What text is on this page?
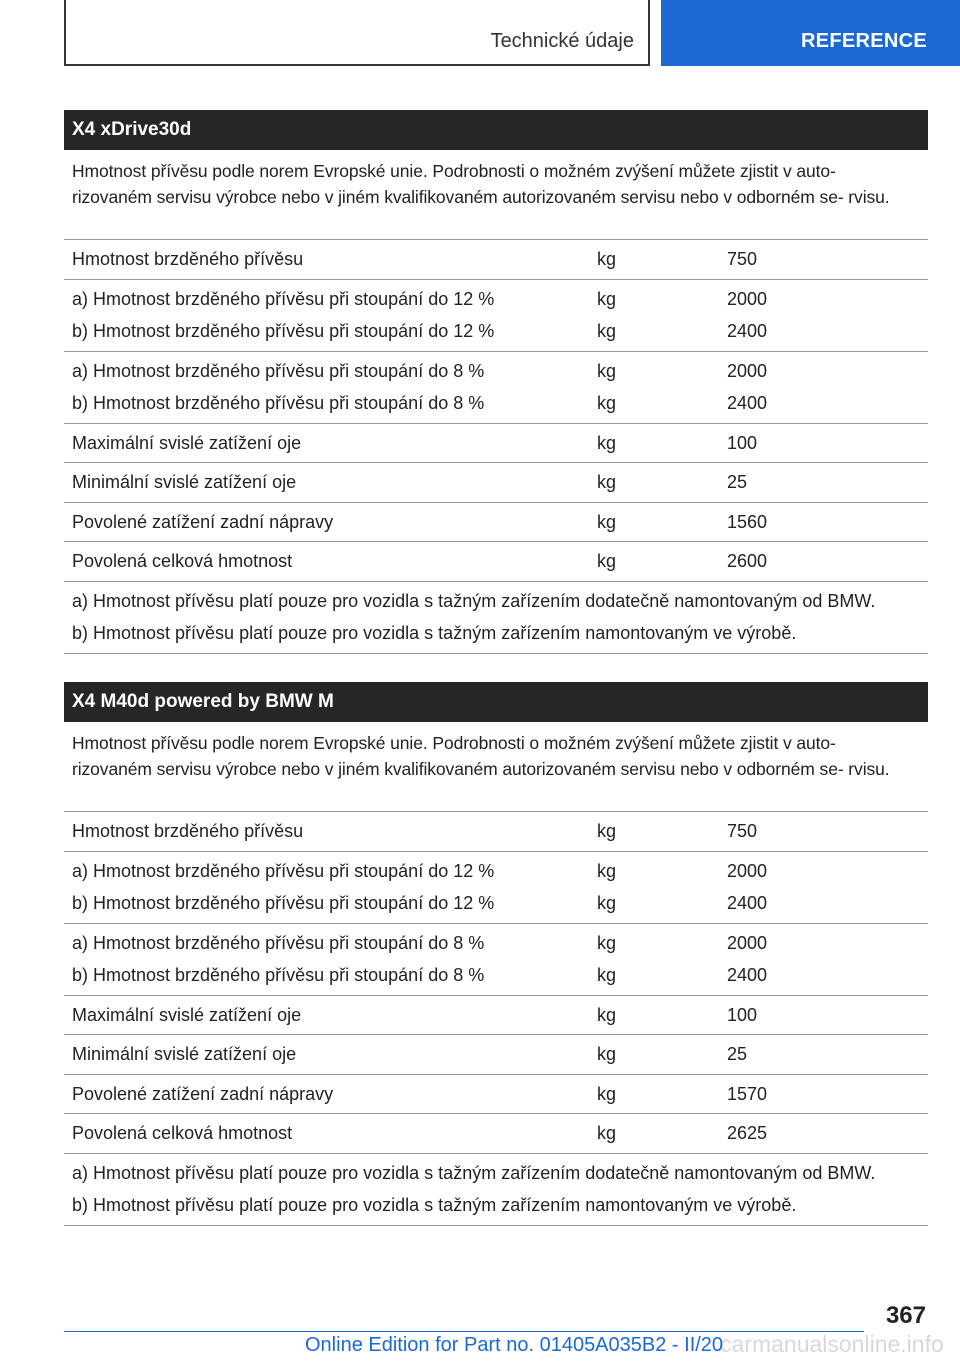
Technické údaje	REFERENCE
X4 xDrive30d
Hmotnost přívěsu podle norem Evropské unie. Podrobnosti o možném zvýšení můžete zjistit v auto‐ rizovaném servisu výrobce nebo v jiném kvalifikovaném autorizovaném servisu nebo v odborném se‐ rvisu.
Hmotnost brzděného přívěsu	kg	750
a) Hmotnost brzděného přívěsu při stoupání do 12 %	kg	2000
b) Hmotnost brzděného přívěsu při stoupání do 12 %	kg	2400
a) Hmotnost brzděného přívěsu při stoupání do 8 %	kg	2000
b) Hmotnost brzděného přívěsu při stoupání do 8 %	kg	2400
Maximální svislé zatížení oje	kg	100
Minimální svislé zatížení oje	kg	25
Povolené zatížení zadní nápravy	kg	1560
Povolená celková hmotnost	kg	2600
a) Hmotnost přívěsu platí pouze pro vozidla s tažným zařízením dodatečně namontovaným od BMW.
b) Hmotnost přívěsu platí pouze pro vozidla s tažným zařízením namontovaným ve výrobě.
X4 M40d powered by BMW M
Hmotnost přívěsu podle norem Evropské unie. Podrobnosti o možném zvýšení můžete zjistit v auto‐ rizovaném servisu výrobce nebo v jiném kvalifikovaném autorizovaném servisu nebo v odborném se‐ rvisu.
Hmotnost brzděného přívěsu	kg	750
a) Hmotnost brzděného přívěsu při stoupání do 12 %	kg	2000
b) Hmotnost brzděného přívěsu při stoupání do 12 %	kg	2400
a) Hmotnost brzděného přívěsu při stoupání do 8 %	kg	2000
b) Hmotnost brzděného přívěsu při stoupání do 8 %	kg	2400
Maximální svislé zatížení oje	kg	100
Minimální svislé zatížení oje	kg	25
Povolené zatížení zadní nápravy	kg	1570
Povolená celková hmotnost	kg	2625
a) Hmotnost přívěsu platí pouze pro vozidla s tažným zařízením dodatečně namontovaným od BMW.
b) Hmotnost přívěsu platí pouze pro vozidla s tažným zařízením namontovaným ve výrobě.
367
carmanualsonline.info
Online Edition for Part no. 01405A035B2 - II/20
